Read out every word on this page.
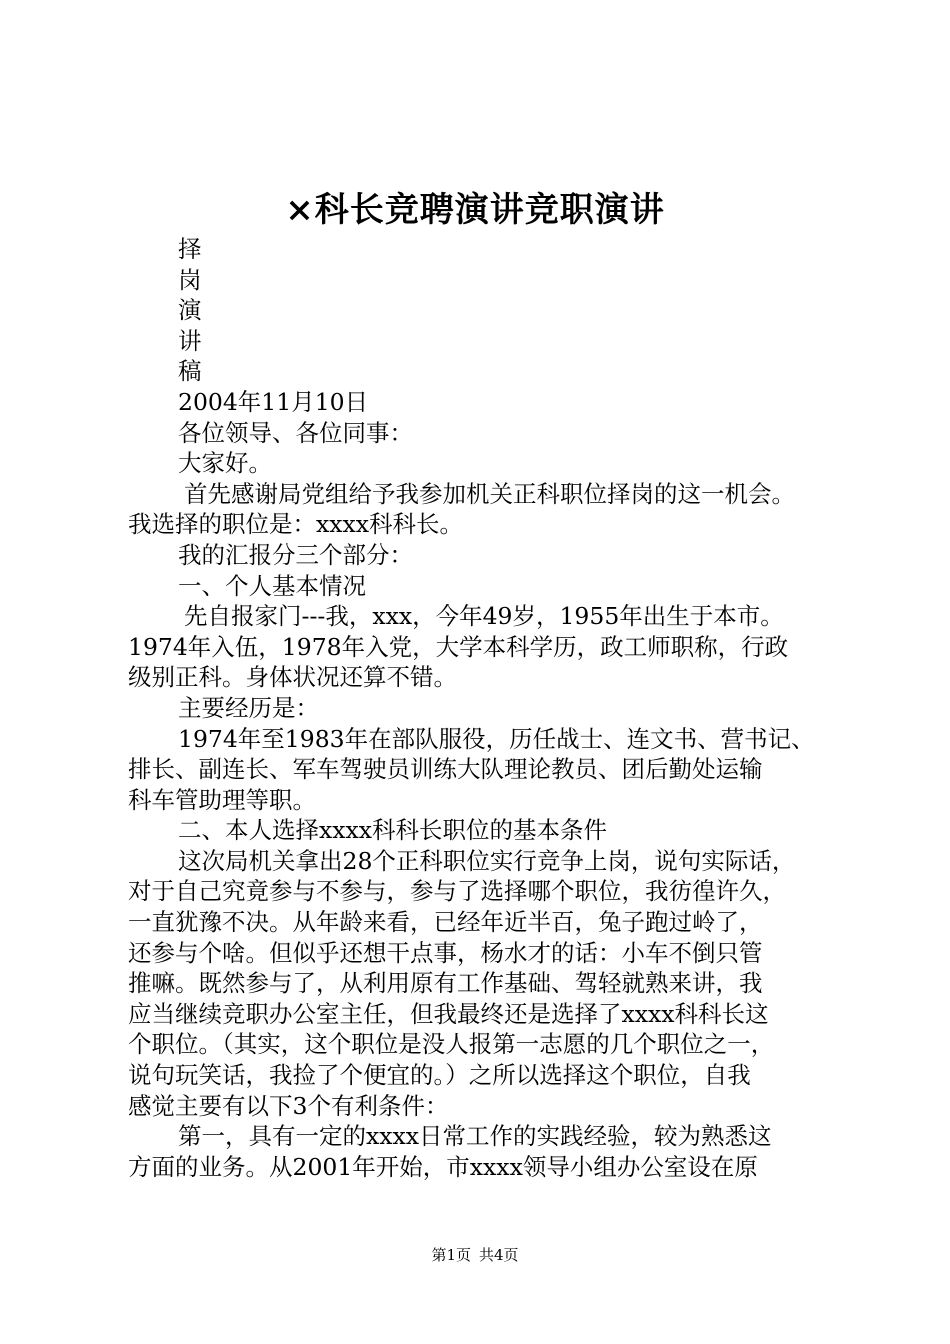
×科长竞聘演讲竞职演讲
择
岗
演
讲
稿
2004年11月10日
各位领导、各位同事：
大家好。
首先感谢局党组给予我参加机关正科职位择岗的这一机会。
我选择的职位是：xxxx科科长。
我的汇报分三个部分：
一、个人基本情况
先自报家门---我，xxx，今年49岁，1955年出生于本市。
1974年入伍，1978年入党，大学本科学历，政工师职称，行政
级别正科。身体状况还算不错。
主要经历是：
1974年至1983年在部队服役，历任战士、连文书、营书记、
排长、副连长、军车驾驶员训练大队理论教员、团后勤处运输
科车管助理等职。
二、本人选择xxxx科科长职位的基本条件
这次局机关拿出28个正科职位实行竞争上岗，说句实际话，
对于自己究竟参与不参与，参与了选择哪个职位，我彷徨许久，
一直犹豫不决。从年龄来看，已经年近半百，兔子跑过岭了，
还参与个啥。但似乎还想干点事，杨水才的话：小车不倒只管
推嘛。既然参与了，从利用原有工作基础、驾轻就熟来讲，我
应当继续竞职办公室主任，但我最终还是选择了xxxx科科长这
个职位。（其实，这个职位是没人报第一志愿的几个职位之一，
说句玩笑话，我捡了个便宜的。）之所以选择这个职位，自我
感觉主要有以下3个有利条件：
第一，具有一定的xxxx日常工作的实践经验，较为熟悉这
方面的业务。从2001年开始，市xxxx领导小组办公室设在原
第1页 共4页
